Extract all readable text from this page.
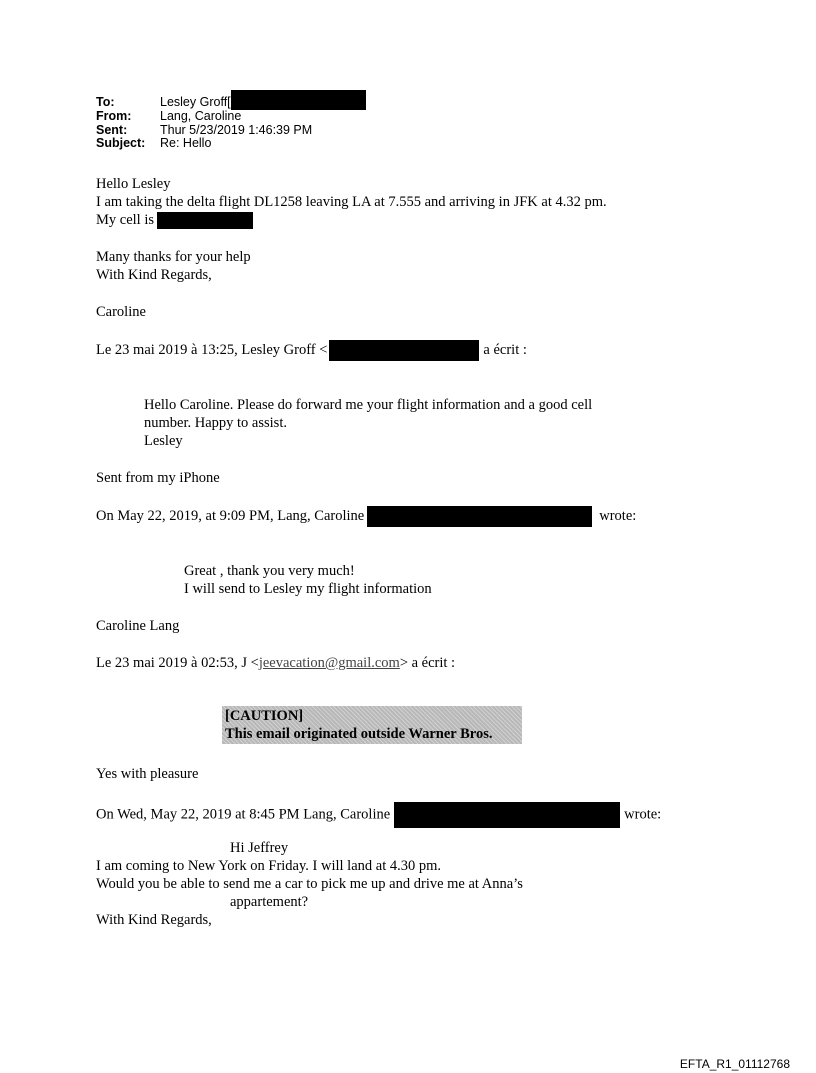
To:	Lesley Groff[
From:	Lang, Caroline
Sent:	Thur 5/23/2019 1:46:39 PM
Subject:	Re: Hello
Hello Lesley
I am taking the delta flight DL1258 leaving LA at 7.555 and arriving in JFK at 4.32 pm.
My cell is
Many thanks for your help
With Kind Regards,
Caroline
Le 23 mai 2019 à 13:25, Lesley Groff <	a écrit :
Hello Caroline. Please do forward me your flight information and a good cell
number. Happy to assist.
Lesley
Sent from my iPhone
On May 22, 2019, at 9:09 PM, Lang, Caroline	wrote:
Great , thank you very much!
I will send to Lesley my flight information
Caroline Lang
Le 23 mai 2019 à 02:53, J <jeevacation@gmail.com> a écrit :
[CAUTION]
This email originated outside Warner Bros.
Yes with pleasure
On Wed, May 22, 2019 at 8:45 PM Lang, Caroline	wrote:
Hi Jeffrey
I am coming to New York on Friday. I will land at 4.30 pm.
Would you be able to send me a car to pick me up and drive me at Anna’s
appartement?
With Kind Regards,
EFTA_R1_01112768
